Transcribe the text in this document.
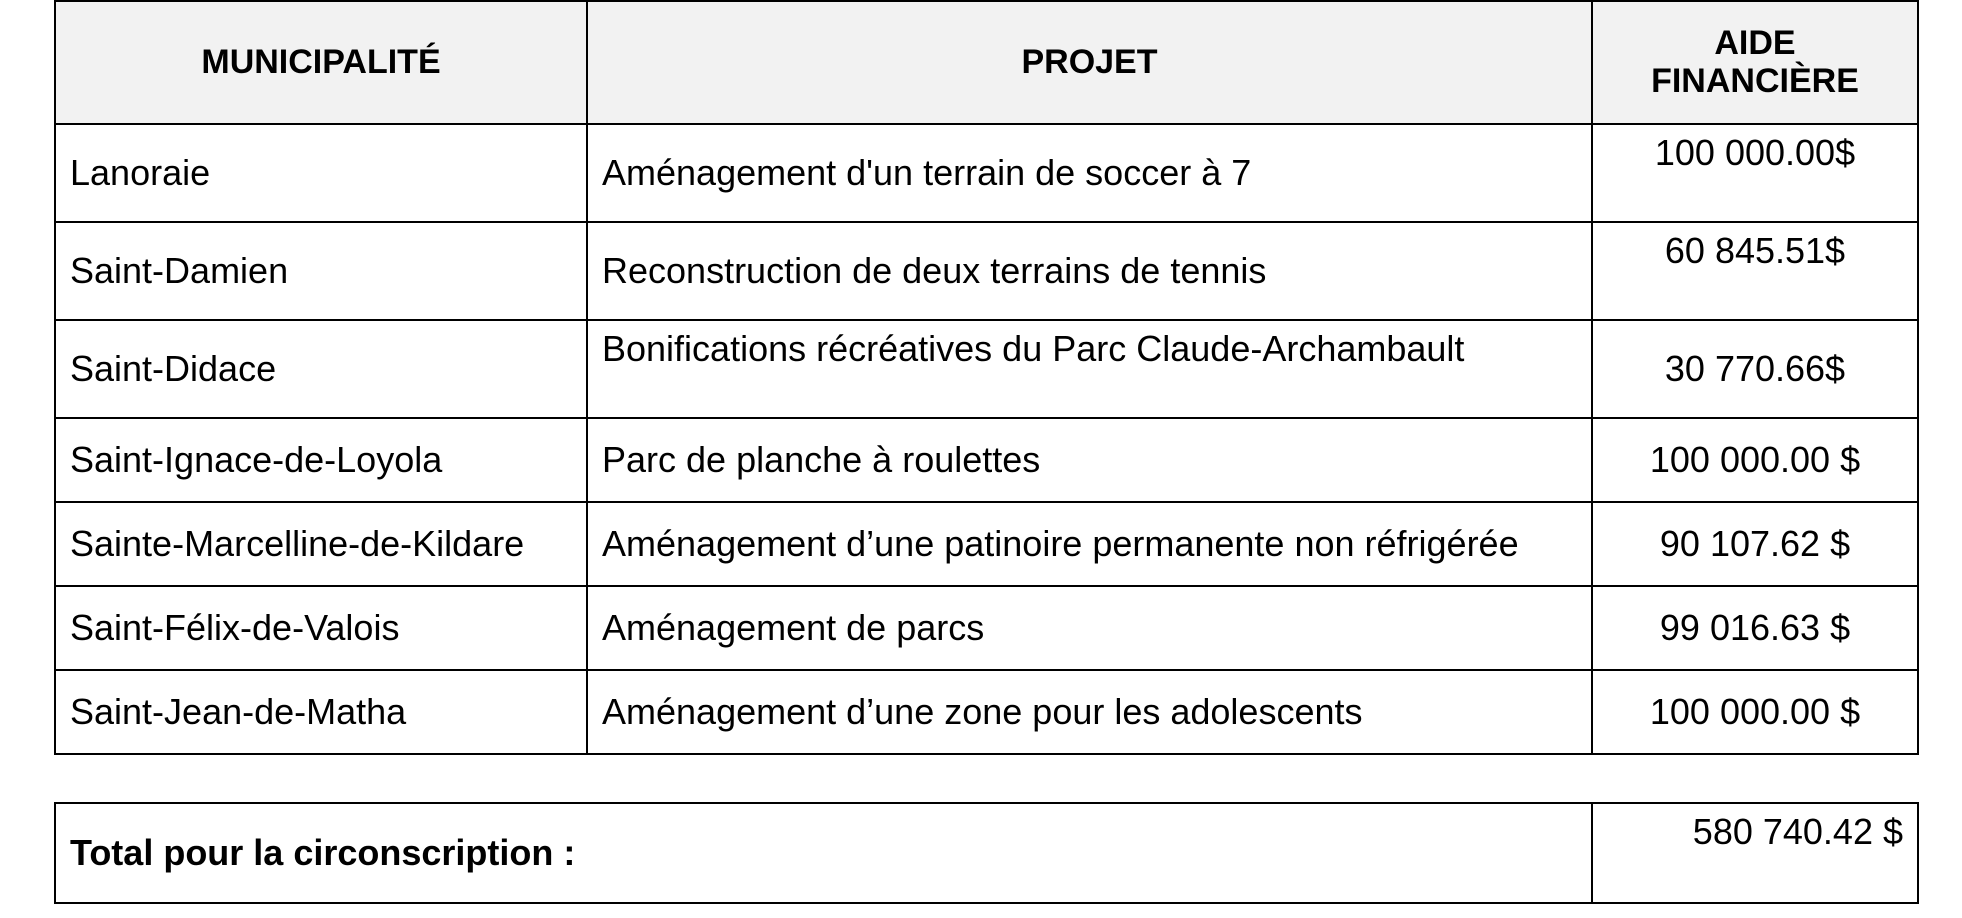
MUNICIPALITÉ	PROJET	AIDE
FINANCIÈRE

Lanoraie	Aménagement d'un terrain de soccer à 7	100 000.00$
Saint-Damien	Reconstruction de deux terrains de tennis	60 845.51$
Saint-Didace	Bonifications récréatives du Parc Claude-Archambault	30 770.66$
Saint-Ignace-de-Loyola	Parc de planche à roulettes	100 000.00 $
Sainte-Marcelline-de-Kildare	Aménagement d’une patinoire permanente non réfrigérée	90 107.62 $
Saint-Félix-de-Valois	Aménagement de parcs	99 016.63 $
Saint-Jean-de-Matha	Aménagement d’une zone pour les adolescents	100 000.00 $
Total pour la circonscription :	580 740.42 $
